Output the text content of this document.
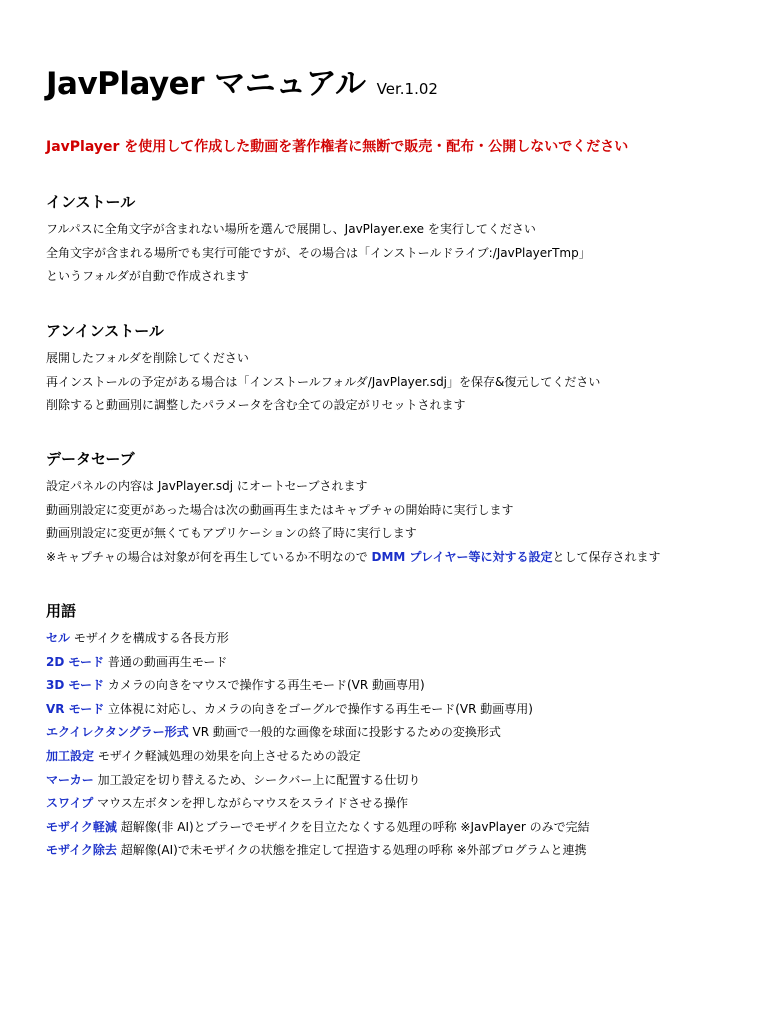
JavPlayer マニュアル Ver.1.02
JavPlayer を使用して作成した動画を著作権者に無断で販売・配布・公開しないでください
インストール
フルパスに全角文字が含まれない場所を選んで展開し、JavPlayer.exe を実行してください
全角文字が含まれる場所でも実行可能ですが、その場合は「インストールドライブ:/JavPlayerTmp」
というフォルダが自動で作成されます
アンインストール
展開したフォルダを削除してください
再インストールの予定がある場合は「インストールフォルダ/JavPlayer.sdj」を保存&復元してください
削除すると動画別に調整したパラメータを含む全ての設定がリセットされます
データセーブ
設定パネルの内容は JavPlayer.sdj にオートセーブされます
動画別設定に変更があった場合は次の動画再生またはキャプチャの開始時に実行します
動画別設定に変更が無くてもアプリケーションの終了時に実行します
※キャプチャの場合は対象が何を再生しているか不明なので DMM プレイヤー等に対する設定として保存されます
用語
セル モザイクを構成する各長方形
2D モード 普通の動画再生モード
3D モード カメラの向きをマウスで操作する再生モード(VR 動画専用)
VR モード 立体視に対応し、カメラの向きをゴーグルで操作する再生モード(VR 動画専用)
エクイレクタングラー形式 VR 動画で一般的な画像を球面に投影するための変換形式
加工設定 モザイク軽減処理の効果を向上させるための設定
マーカー 加工設定を切り替えるため、シークバー上に配置する仕切り
スワイプ マウス左ボタンを押しながらマウスをスライドさせる操作
モザイク軽減 超解像(非 AI)とブラーでモザイクを目立たなくする処理の呼称 ※JavPlayer のみで完結
モザイク除去 超解像(AI)で未モザイクの状態を推定して捏造する処理の呼称 ※外部プログラムと連携
